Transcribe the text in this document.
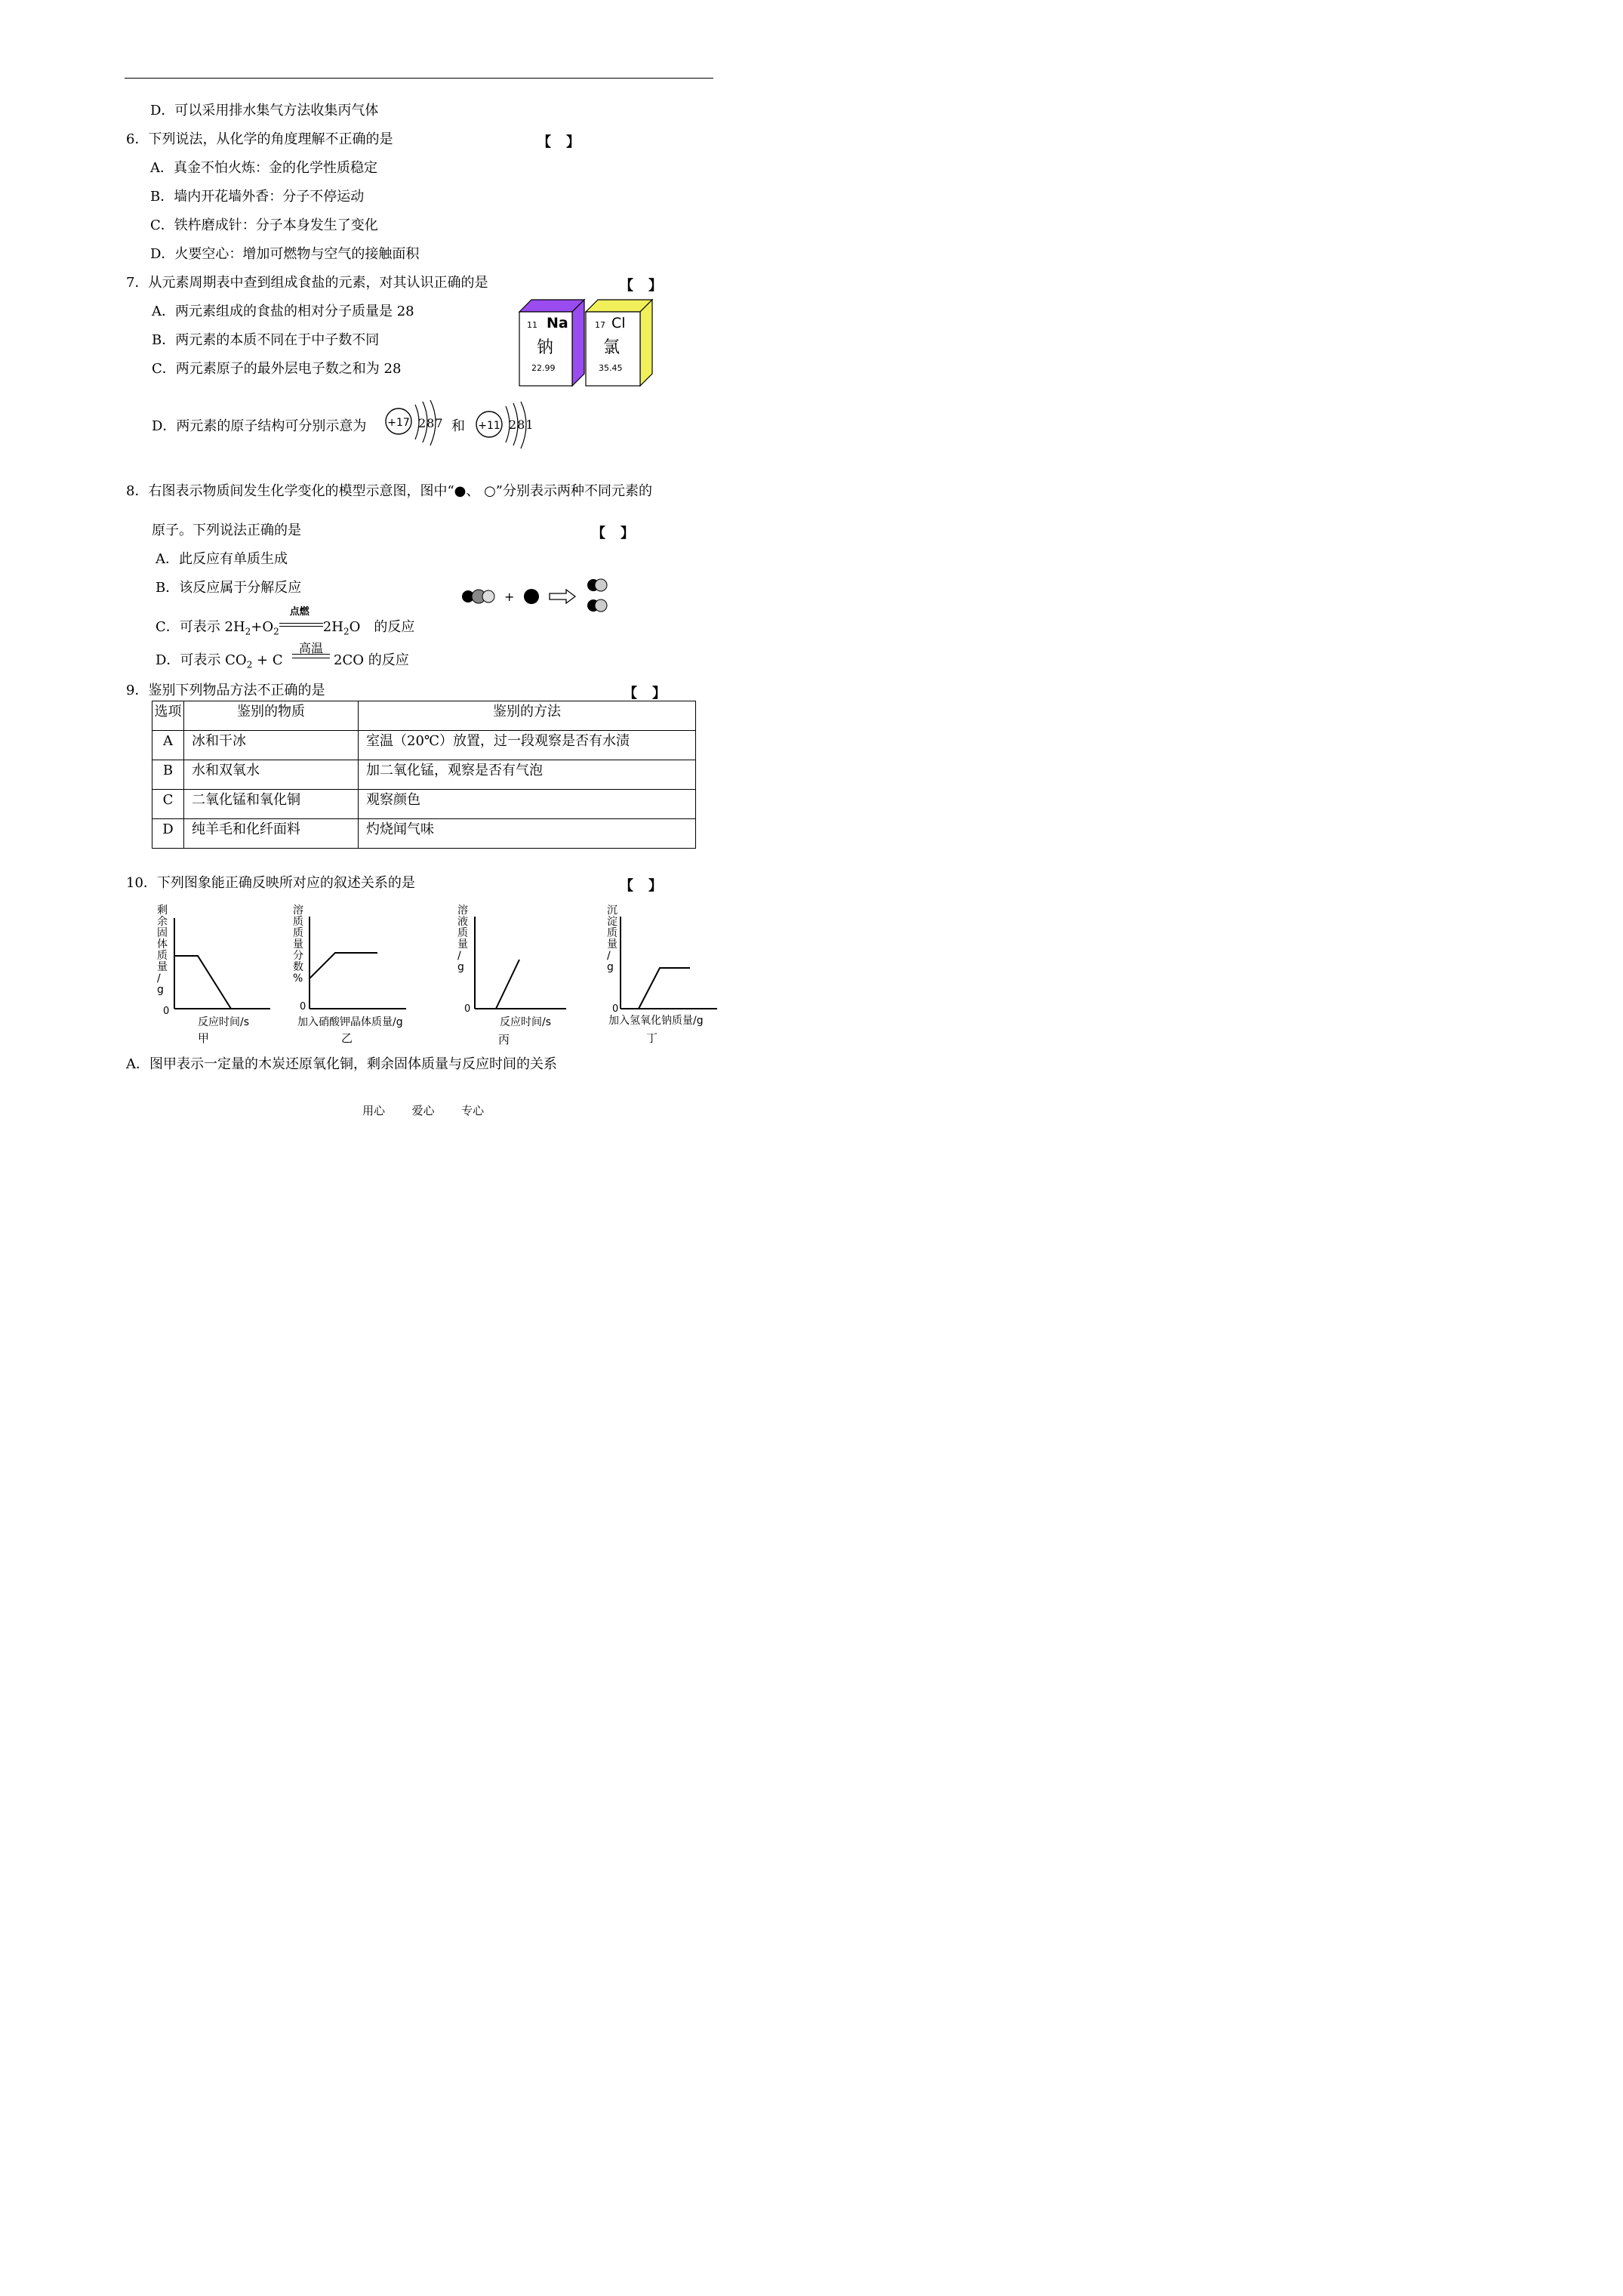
D．可以采用排水集气方法收集丙气体
6．下列说法，从化学的角度理解不正确的是	【　】
A．真金不怕火炼：金的化学性质稳定
B．墙内开花墙外香：分子不停运动
C．铁杵磨成针：分子本身发生了变化
D．火要空心：增加可燃物与空气的接触面积
7．从元素周期表中查到组成食盐的元素，对其认识正确的是	【　】
A．两元素组成的食盐的相对分子质量是 28
B．两元素的本质不同在于中子数不同
C．两元素原子的最外层电子数之和为 28
D．两元素的原子结构可分别示意为	和
11 Na
钠
22.99
17 Cl
氯
35.45
+17 287	+11 281
8．右图表示物质间发生化学变化的模型示意图，图中“●、 ○”分别表示两种不同元素的
原子。下列说法正确的是	【　】
A．此反应有单质生成
B．该反应属于分解反应
C．可表示 $2H_2+O_2$
点燃
$2H_2O$　的反应
D．可表示 $CO_2 + C$
高温
2CO 的反应
+
9．鉴别下列物品方法不正确的是	【　】
选项	鉴别的物质	鉴别的方法
A	冰和干冰	室温（20℃）放置，过一段观察是否有水渍
B	水和双氧水	加二氧化锰，观察是否有气泡
C	二氧化锰和氧化铜	观察颜色
D	纯羊毛和化纤面料	灼烧闻气味
10．下列图象能正确反映所对应的叙述关系的是	【　】
剩余固体质量/ g
0
反应时间/s
甲
溶质质量分数%
0
加入硝酸钾晶体质量/g
乙
溶液质量/ g
0
反应时间/s
丙
沉淀质量/ g
0
加入氢氧化钠质量/g
丁
A．图甲表示一定量的木炭还原氧化铜，剩余固体质量与反应时间的关系
用心 爱心 专心
